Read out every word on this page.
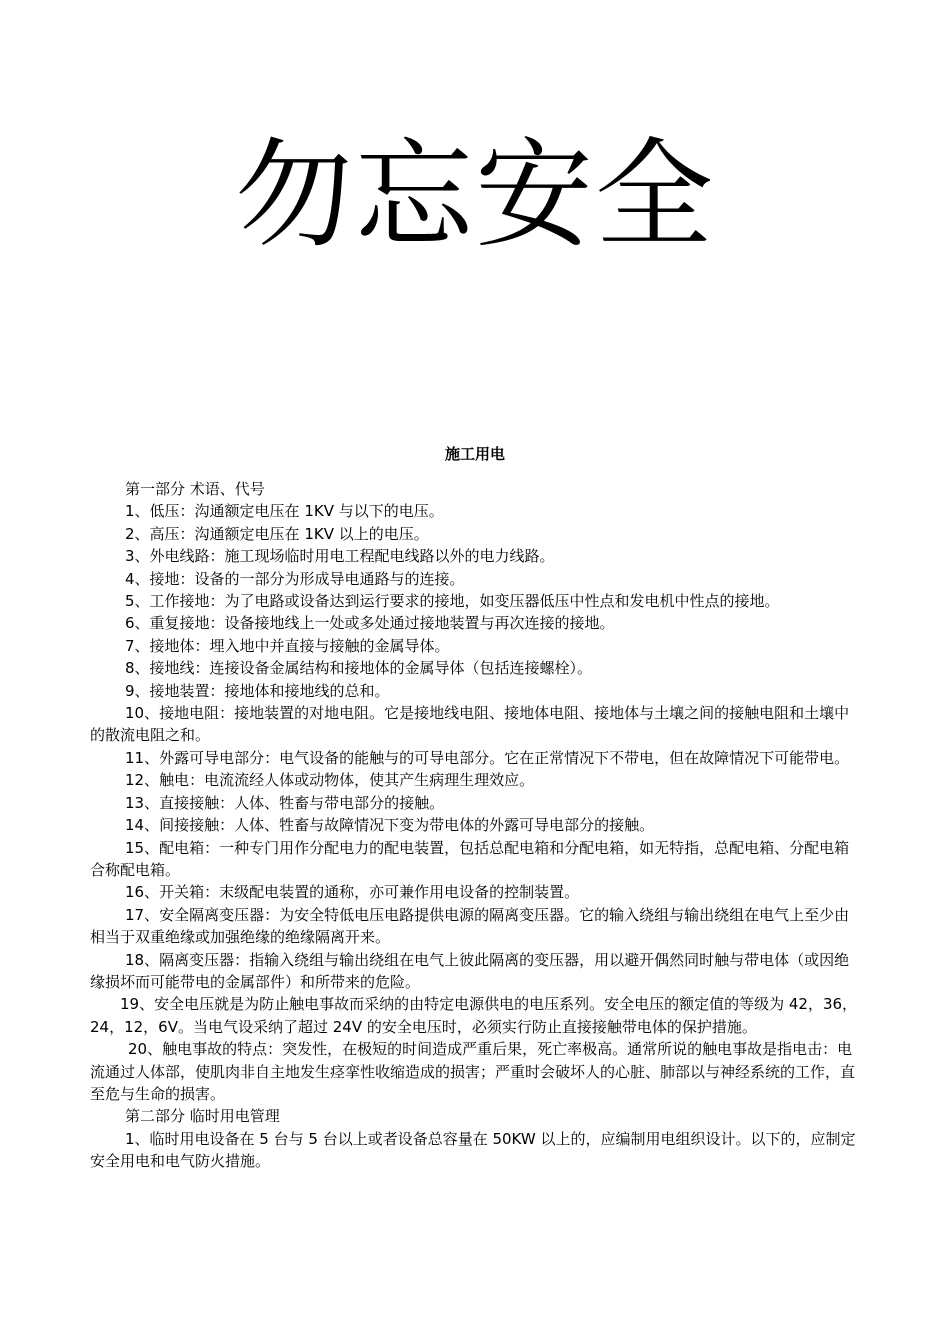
勿忘安全
施工用电

第一部分 术语、代号

1、低压：沟通额定电压在 1KV 与以下的电压。

2、高压：沟通额定电压在 1KV 以上的电压。

3、外电线路：施工现场临时用电工程配电线路以外的电力线路。

4、接地：设备的一部分为形成导电通路与的连接。

5、工作接地：为了电路或设备达到运行要求的接地，如变压器低压中性点和发电机中性点的接地。

6、重复接地：设备接地线上一处或多处通过接地装置与再次连接的接地。

7、接地体：埋入地中并直接与接触的金属导体。

8、接地线：连接设备金属结构和接地体的金属导体（包括连接螺栓）。

9、接地装置：接地体和接地线的总和。

10、接地电阻：接地装置的对地电阻。它是接地线电阻、接地体电阻、接地体与土壤之间的接触电阻和土壤中的散流电阻之和。

11、外露可导电部分：电气设备的能触与的可导电部分。它在正常情况下不带电，但在故障情况下可能带电。

12、触电：电流流经人体或动物体，使其产生病理生理效应。

13、直接接触：人体、牲畜与带电部分的接触。

14、间接接触：人体、牲畜与故障情况下变为带电体的外露可导电部分的接触。

15、配电箱：一种专门用作分配电力的配电装置，包括总配电箱和分配电箱，如无特指，总配电箱、分配电箱合称配电箱。

16、开关箱：末级配电装置的通称，亦可兼作用电设备的控制装置。

17、安全隔离变压器：为安全特低电压电路提供电源的隔离变压器。它的输入绕组与输出绕组在电气上至少由相当于双重绝缘或加强绝缘的绝缘隔离开来。

18、隔离变压器：指输入绕组与输出绕组在电气上彼此隔离的变压器，用以避开偶然同时触与带电体（或因绝缘损坏而可能带电的金属部件）和所带来的危险。

19、安全电压就是为防止触电事故而采纳的由特定电源供电的电压系列。安全电压的额定值的等级为 42，36，24，12，6V。当电气设采纳了超过 24V 的安全电压时，必须实行防止直接接触带电体的保护措施。

20、触电事故的特点：突发性，在极短的时间造成严重后果，死亡率极高。通常所说的触电事故是指电击：电流通过人体部，使肌肉非自主地发生痉挛性收缩造成的损害；严重时会破坏人的心脏、肺部以与神经系统的工作，直至危与生命的损害。

第二部分 临时用电管理

1、临时用电设备在 5 台与 5 台以上或者设备总容量在 50KW 以上的，应编制用电组织设计。以下的，应制定安全用电和电气防火措施。
